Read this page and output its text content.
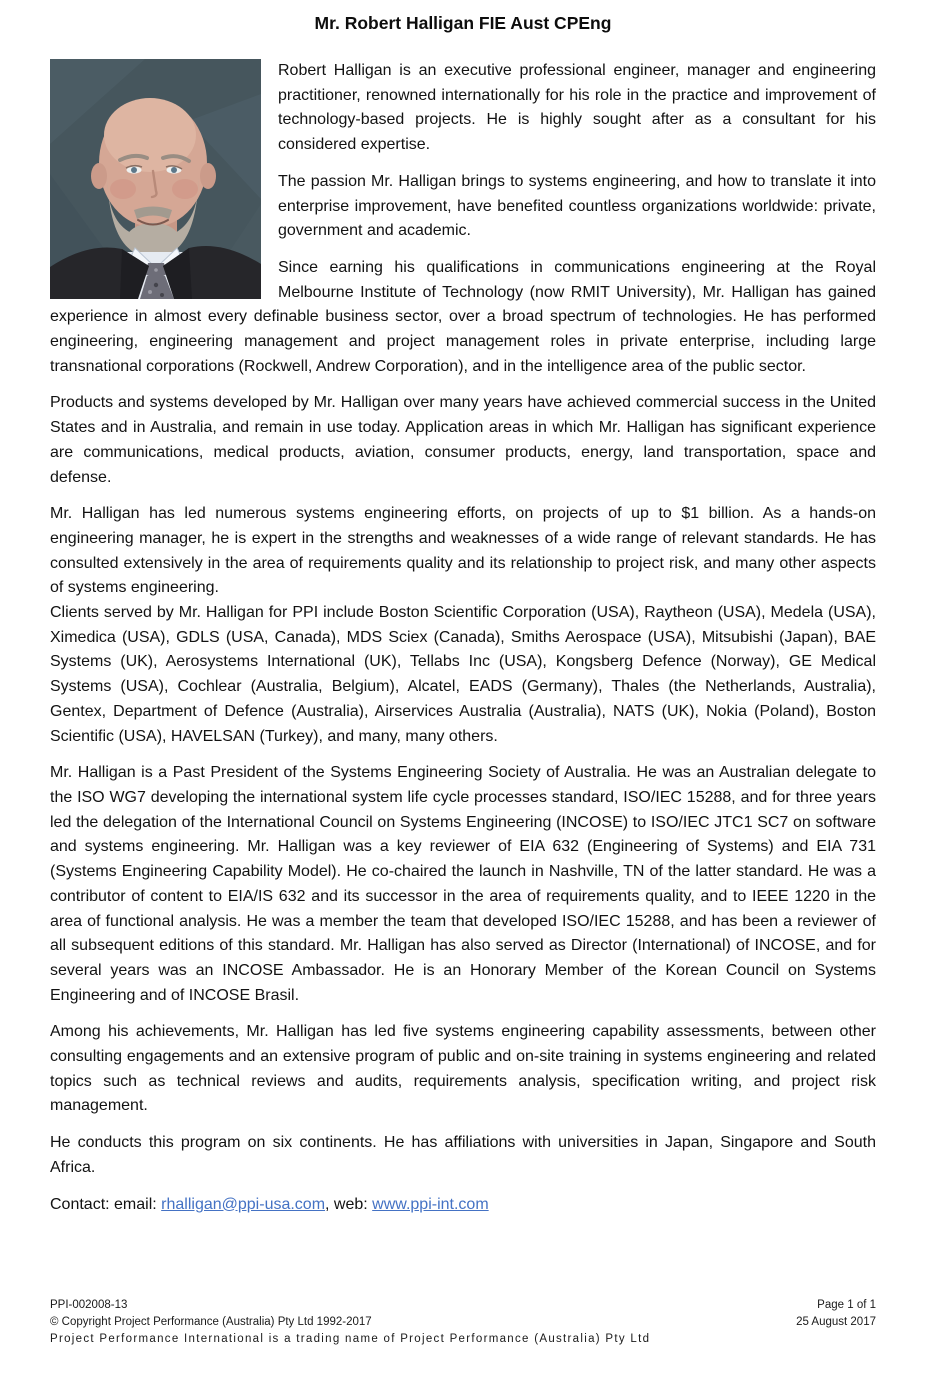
Mr. Robert Halligan FIE Aust CPEng

Robert Halligan is an executive professional engineer, manager and engineering practitioner, renowned internationally for his role in the practice and improvement of technology-based projects. He is highly sought after as a consultant for his considered expertise.

The passion Mr. Halligan brings to systems engineering, and how to translate it into enterprise improvement, have benefited countless organizations worldwide: private, government and academic.

Since earning his qualifications in communications engineering at the Royal Melbourne Institute of Technology (now RMIT University), Mr. Halligan has gained experience in almost every definable business sector, over a broad spectrum of technologies. He has performed engineering, engineering management and project management roles in private enterprise, including large transnational corporations (Rockwell, Andrew Corporation), and in the intelligence area of the public sector.

Products and systems developed by Mr. Halligan over many years have achieved commercial success in the United States and in Australia, and remain in use today. Application areas in which Mr. Halligan has significant experience are communications, medical products, aviation, consumer products, energy, land transportation, space and defense.

Mr. Halligan has led numerous systems engineering efforts, on projects of up to $1 billion. As a hands-on engineering manager, he is expert in the strengths and weaknesses of a wide range of relevant standards. He has consulted extensively in the area of requirements quality and its relationship to project risk, and many other aspects of systems engineering.

Clients served by Mr. Halligan for PPI include Boston Scientific Corporation (USA), Raytheon (USA), Medela (USA), Ximedica (USA), GDLS (USA, Canada), MDS Sciex (Canada), Smiths Aerospace (USA), Mitsubishi (Japan), BAE Systems (UK), Aerosystems International (UK), Tellabs Inc (USA), Kongsberg Defence (Norway), GE Medical Systems (USA), Cochlear (Australia, Belgium), Alcatel, EADS (Germany), Thales (the Netherlands, Australia), Gentex, Department of Defence (Australia), Airservices Australia (Australia), NATS (UK), Nokia (Poland), Boston Scientific (USA), HAVELSAN (Turkey), and many, many others.

Mr. Halligan is a Past President of the Systems Engineering Society of Australia. He was an Australian delegate to the ISO WG7 developing the international system life cycle processes standard, ISO/IEC 15288, and for three years led the delegation of the International Council on Systems Engineering (INCOSE) to ISO/IEC JTC1 SC7 on software and systems engineering. Mr. Halligan was a key reviewer of EIA 632 (Engineering of Systems) and EIA 731 (Systems Engineering Capability Model). He co-chaired the launch in Nashville, TN of the latter standard. He was a contributor of content to EIA/IS 632 and its successor in the area of requirements quality, and to IEEE 1220 in the area of functional analysis. He was a member the team that developed ISO/IEC 15288, and has been a reviewer of all subsequent editions of this standard. Mr. Halligan has also served as Director (International) of INCOSE, and for several years was an INCOSE Ambassador. He is an Honorary Member of the Korean Council on Systems Engineering and of INCOSE Brasil.

Among his achievements, Mr. Halligan has led five systems engineering capability assessments, between other consulting engagements and an extensive program of public and on-site training in systems engineering and related topics such as technical reviews and audits, requirements analysis, specification writing, and project risk management.

He conducts this program on six continents. He has affiliations with universities in Japan, Singapore and South Africa.

Contact: email: rhalligan@ppi-usa.com, web: www.ppi-int.com

PPI-002008-13	Page 1 of 1
© Copyright Project Performance (Australia) Pty Ltd 1992-2017	25 August 2017
Project Performance International is a trading name of Project Performance (Australia) Pty Ltd
